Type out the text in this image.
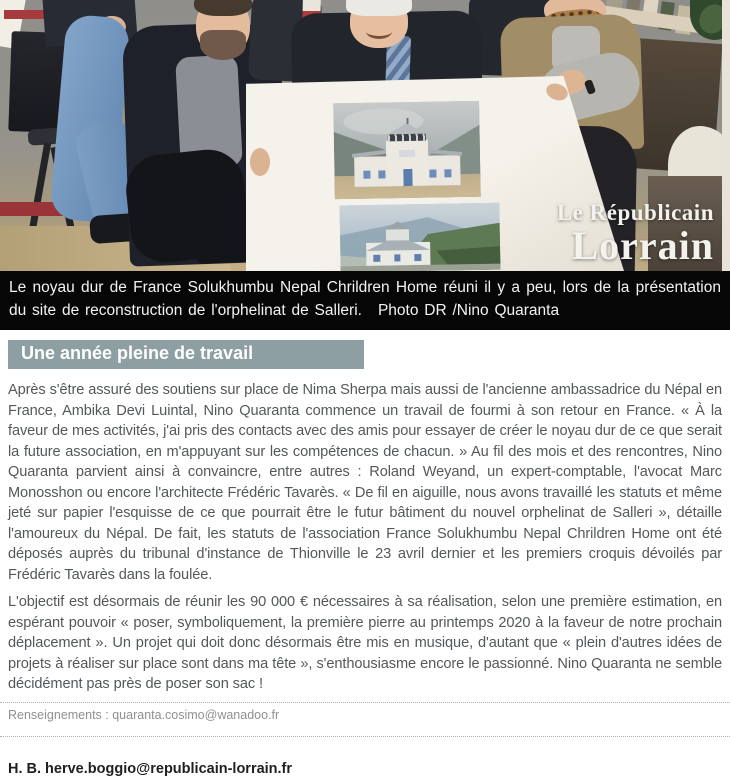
Le Républicain
Lorrain
Le noyau dur de France Solukhumbu Nepal Chrildren Home réuni il y a peu, lors de la présentation du site de reconstruction de l'orphelinat de Salleri. Photo DR /Nino Quaranta
Une année pleine de travail

Après s'être assuré des soutiens sur place de Nima Sherpa mais aussi de l'ancienne ambassadrice du Népal en France, Ambika Devi Luintal, Nino Quaranta commence un travail de fourmi à son retour en France. « À la faveur de mes activités, j'ai pris des contacts avec des amis pour essayer de créer le noyau dur de ce que serait la future association, en m'appuyant sur les compétences de chacun. » Au fil des mois et des rencontres, Nino Quaranta parvient ainsi à convaincre, entre autres : Roland Weyand, un expert-comptable, l'avocat Marc Monosshon ou encore l'architecte Frédéric Tavarès. « De fil en aiguille, nous avons travaillé les statuts et même jeté sur papier l'esquisse de ce que pourrait être le futur bâtiment du nouvel orphelinat de Salleri », détaille l'amoureux du Népal. De fait, les statuts de l'association France Solukhumbu Nepal Chrildren Home ont été déposés auprès du tribunal d'instance de Thionville le 23 avril dernier et les premiers croquis dévoilés par Frédéric Tavarès dans la foulée.

L'objectif est désormais de réunir les 90 000 € nécessaires à sa réalisation, selon une première estimation, en espérant pouvoir « poser, symboliquement, la première pierre au printemps 2020 à la faveur de notre prochain déplacement ». Un projet qui doit donc désormais être mis en musique, d'autant que « plein d'autres idées de projets à réaliser sur place sont dans ma tête », s'enthousiasme encore le passionné. Nino Quaranta ne semble décidément pas près de poser son sac !

Renseignements : quaranta.cosimo@wanadoo.fr
H. B. herve.boggio@republicain-lorrain.fr
